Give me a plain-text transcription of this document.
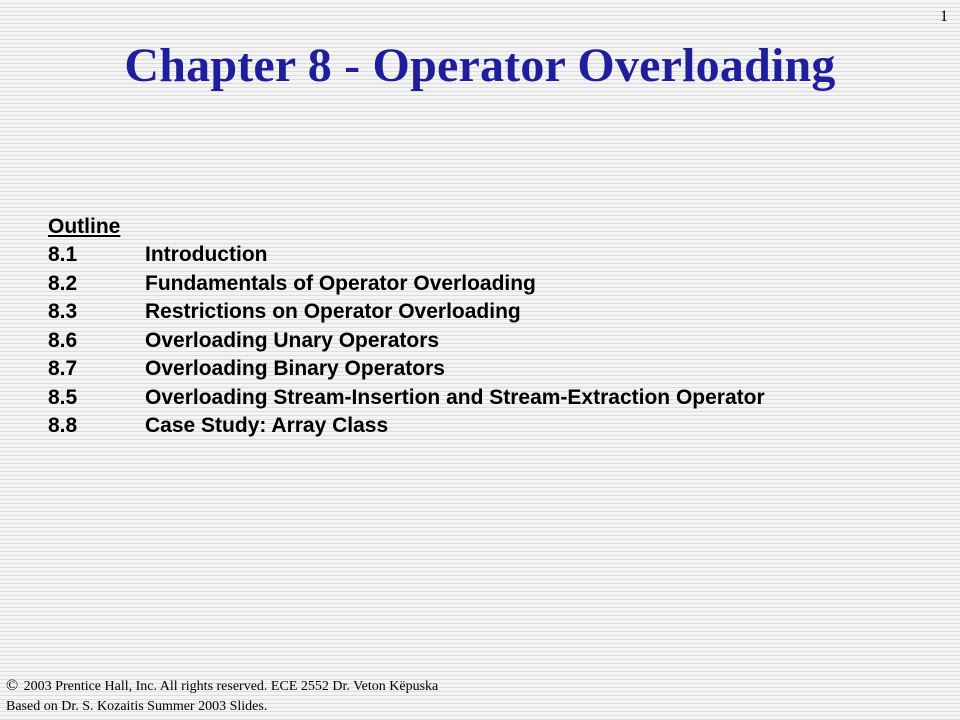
1
Chapter 8 - Operator Overloading
Outline
8.1	Introduction
8.2	Fundamentals of Operator Overloading
8.3	Restrictions on Operator Overloading
8.6	Overloading Unary Operators
8.7	Overloading Binary Operators
8.5	Overloading Stream-Insertion and Stream-Extraction Operator
8.8	Case Study: Array Class
© 2003 Prentice Hall, Inc. All rights reserved. ECE 2552 Dr. Veton Këpuska
Based on Dr. S. Kozaitis Summer 2003 Slides.
